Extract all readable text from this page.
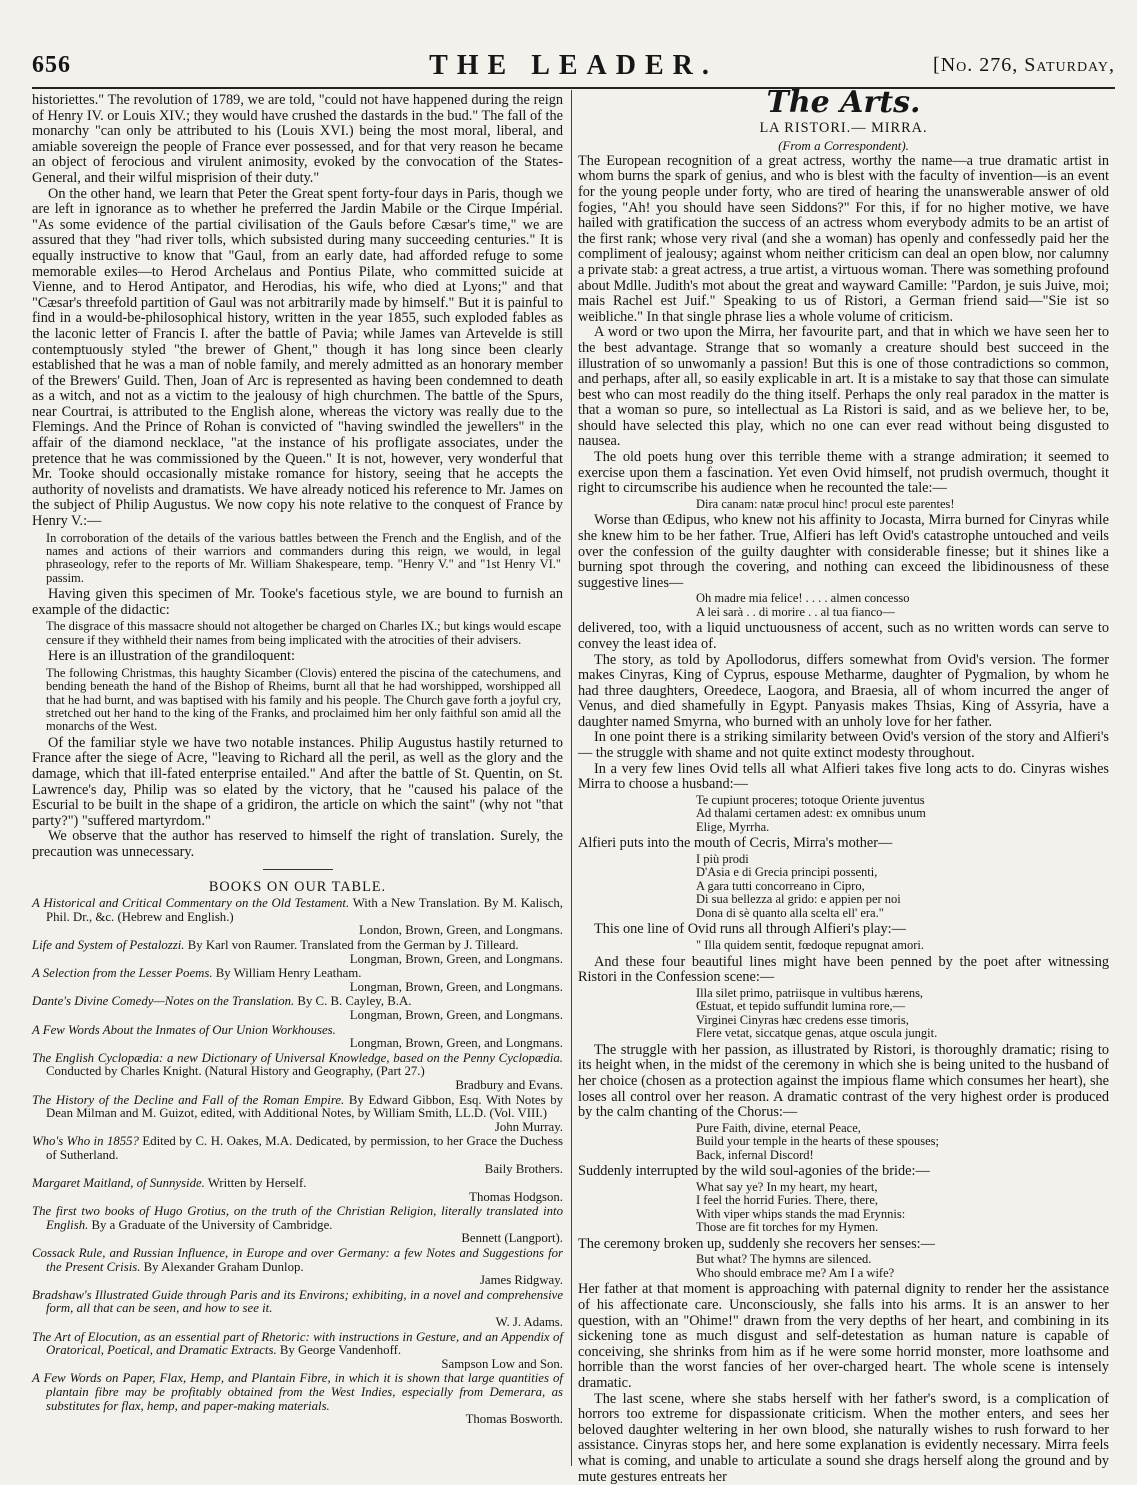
656	THE LEADER.	[No. 276, Saturday,

historiettes." The revolution of 1789, we are told, "could not have happened during the reign of Henry IV. or Louis XIV.; they would have crushed the dastards in the bud." The fall of the monarchy "can only be attributed to his (Louis XVI.) being the most moral, liberal, and amiable sovereign the people of France ever possessed, and for that very reason he became an object of ferocious and virulent animosity, evoked by the convocation of the States-General, and their wilful misprision of their duty."

On the other hand, we learn that Peter the Great spent forty-four days in Paris, though we are left in ignorance as to whether he preferred the Jardin Mabile or the Cirque Impérial. "As some evidence of the partial civilisation of the Gauls before Cæsar's time," we are assured that they "had river tolls, which subsisted during many succeeding centuries." It is equally instructive to know that "Gaul, from an early date, had afforded refuge to some memorable exiles—to Herod Archelaus and Pontius Pilate, who committed suicide at Vienne, and to Herod Antipator, and Herodias, his wife, who died at Lyons;" and that "Cæsar's threefold partition of Gaul was not arbitrarily made by himself." But it is painful to find in a would-be-philosophical history, written in the year 1855, such exploded fables as the laconic letter of Francis I. after the battle of Pavia; while James van Artevelde is still contemptuously styled "the brewer of Ghent," though it has long since been clearly established that he was a man of noble family, and merely admitted as an honorary member of the Brewers' Guild. Then, Joan of Arc is represented as having been condemned to death as a witch, and not as a victim to the jealousy of high churchmen. The battle of the Spurs, near Courtrai, is attributed to the English alone, whereas the victory was really due to the Flemings. And the Prince of Rohan is convicted of "having swindled the jewellers" in the affair of the diamond necklace, "at the instance of his profligate associates, under the pretence that he was commissioned by the Queen." It is not, however, very wonderful that Mr. Tooke should occasionally mistake romance for history, seeing that he accepts the authority of novelists and dramatists. We have already noticed his reference to Mr. James on the subject of Philip Augustus. We now copy his note relative to the conquest of France by Henry V.:—

In corroboration of the details of the various battles between the French and the English, and of the names and actions of their warriors and commanders during this reign, we would, in legal phraseology, refer to the reports of Mr. William Shakespeare, temp. "Henry V." and "1st Henry VI." passim.

Having given this specimen of Mr. Tooke's facetious style, we are bound to furnish an example of the didactic:

The disgrace of this massacre should not altogether be charged on Charles IX.; but kings would escape censure if they withheld their names from being implicated with the atrocities of their advisers.

Here is an illustration of the grandiloquent:

The following Christmas, this haughty Sicamber (Clovis) entered the piscina of the catechumens, and bending beneath the hand of the Bishop of Rheims, burnt all that he had worshipped, worshipped all that he had burnt, and was baptised with his family and his people. The Church gave forth a joyful cry, stretched out her hand to the king of the Franks, and proclaimed him her only faithful son amid all the monarchs of the West.

Of the familiar style we have two notable instances. Philip Augustus hastily returned to France after the siege of Acre, "leaving to Richard all the peril, as well as the glory and the damage, which that ill-fated enterprise entailed." And after the battle of St. Quentin, on St. Lawrence's day, Philip was so elated by the victory, that he "caused his palace of the Escurial to be built in the shape of a gridiron, the article on which the saint" (why not "that party?") "suffered martyrdom."

We observe that the author has reserved to himself the right of translation. Surely, the precaution was unnecessary.

BOOKS ON OUR TABLE.

A Historical and Critical Commentary on the Old Testament. With a New Translation. By M. Kalisch, Phil. Dr., &c. (Hebrew and English.)
London, Brown, Green, and Longmans.

Life and System of Pestalozzi. By Karl von Raumer. Translated from the German by J. Tilleard.
Longman, Brown, Green, and Longmans.

A Selection from the Lesser Poems. By William Henry Leatham.
Longman, Brown, Green, and Longmans.

Dante's Divine Comedy—Notes on the Translation. By C. B. Cayley, B.A.
Longman, Brown, Green, and Longmans.

A Few Words About the Inmates of Our Union Workhouses.
Longman, Brown, Green, and Longmans.

The English Cyclopædia: a new Dictionary of Universal Knowledge, based on the Penny Cyclopædia. Conducted by Charles Knight. (Natural History and Geography, (Part 27.)
Bradbury and Evans.

The History of the Decline and Fall of the Roman Empire. By Edward Gibbon, Esq. With Notes by Dean Milman and M. Guizot, edited, with Additional Notes, by William Smith, LL.D. (Vol. VIII.)
John Murray.

Who's Who in 1855? Edited by C. H. Oakes, M.A. Dedicated, by permission, to her Grace the Duchess of Sutherland.
Baily Brothers.

Margaret Maitland, of Sunnyside. Written by Herself.
Thomas Hodgson.

The first two books of Hugo Grotius, on the truth of the Christian Religion, literally translated into English. By a Graduate of the University of Cambridge.
Bennett (Langport).

Cossack Rule, and Russian Influence, in Europe and over Germany: a few Notes and Suggestions for the Present Crisis. By Alexander Graham Dunlop.
James Ridgway.

Bradshaw's Illustrated Guide through Paris and its Environs; exhibiting, in a novel and comprehensive form, all that can be seen, and how to see it.
W. J. Adams.

The Art of Elocution, as an essential part of Rhetoric: with instructions in Gesture, and an Appendix of Oratorical, Poetical, and Dramatic Extracts. By George Vandenhoff.
Sampson Low and Son.

A Few Words on Paper, Flax, Hemp, and Plantain Fibre, in which it is shown that large quantities of plantain fibre may be profitably obtained from the West Indies, especially from Demerara, as substitutes for flax, hemp, and paper-making materials.
Thomas Bosworth.

The Arts.
LA RISTORI.— MIRRA.
(From a Correspondent).

The European recognition of a great actress, worthy the name—a true dramatic artist in whom burns the spark of genius, and who is blest with the faculty of invention—is an event for the young people under forty, who are tired of hearing the unanswerable answer of old fogies, "Ah! you should have seen Siddons?" For this, if for no higher motive, we have hailed with gratification the success of an actress whom everybody admits to be an artist of the first rank; whose very rival (and she a woman) has openly and confessedly paid her the compliment of jealousy; against whom neither criticism can deal an open blow, nor calumny a private stab: a great actress, a true artist, a virtuous woman. There was something profound about Mdlle. Judith's mot about the great and wayward Camille: "Pardon, je suis Juive, moi; mais Rachel est Juif." Speaking to us of Ristori, a German friend said—"Sie ist so weibliche." In that single phrase lies a whole volume of criticism.

A word or two upon the Mirra, her favourite part, and that in which we have seen her to the best advantage. Strange that so womanly a creature should best succeed in the illustration of so unwomanly a passion! But this is one of those contradictions so common, and perhaps, after all, so easily explicable in art. It is a mistake to say that those can simulate best who can most readily do the thing itself. Perhaps the only real paradox in the matter is that a woman so pure, so intellectual as La Ristori is said, and as we believe her, to be, should have selected this play, which no one can ever read without being disgusted to nausea.

The old poets hung over this terrible theme with a strange admiration; it seemed to exercise upon them a fascination. Yet even Ovid himself, not prudish overmuch, thought it right to circumscribe his audience when he recounted the tale:—

Dira canam: natæ procul hinc! procul este parentes!

Worse than Œdipus, who knew not his affinity to Jocasta, Mirra burned for Cinyras while she knew him to be her father. True, Alfieri has left Ovid's catastrophe untouched and veils over the confession of the guilty daughter with considerable finesse; but it shines like a burning spot through the covering, and nothing can exceed the libidinousness of these suggestive lines—

Oh madre mia felice! . . . . almen concesso
A lei sarà . . di morire . . al tua fianco—

delivered, too, with a liquid unctuousness of accent, such as no written words can serve to convey the least idea of.

The story, as told by Apollodorus, differs somewhat from Ovid's version. The former makes Cinyras, King of Cyprus, espouse Metharme, daughter of Pygmalion, by whom he had three daughters, Oreedece, Laogora, and Braesia, all of whom incurred the anger of Venus, and died shamefully in Egypt. Panyasis makes Thsias, King of Assyria, have a daughter named Smyrna, who burned with an unholy love for her father.

In one point there is a striking similarity between Ovid's version of the story and Alfieri's — the struggle with shame and not quite extinct modesty throughout.

In a very few lines Ovid tells all what Alfieri takes five long acts to do. Cinyras wishes Mirra to choose a husband:—

Te cupiunt proceres; totoque Oriente juventus
Ad thalami certamen adest: ex omnibus unum
Elige, Myrrha.

Alfieri puts into the mouth of Cecris, Mirra's mother—

I più prodi
D'Asia e di Grecia principi possenti,
A gara tutti concorreano in Cipro,
Di sua bellezza al grido: e appien per noi
Dona di sè quanto alla scelta ell' era."

This one line of Ovid runs all through Alfieri's play:—

" Illa quidem sentit, fœdoque repugnat amori.

And these four beautiful lines might have been penned by the poet after witnessing Ristori in the Confession scene:—

Illa silet primo, patriisque in vultibus hærens,
Œstuat, et tepido suffundit lumina rore,—
Virginei Cinyras hæc credens esse timoris,
Flere vetat, siccatque genas, atque oscula jungit.

The struggle with her passion, as illustrated by Ristori, is thoroughly dramatic; rising to its height when, in the midst of the ceremony in which she is being united to the husband of her choice (chosen as a protection against the impious flame which consumes her heart), she loses all control over her reason. A dramatic contrast of the very highest order is produced by the calm chanting of the Chorus:—

Pure Faith, divine, eternal Peace,
Build your temple in the hearts of these spouses;
Back, infernal Discord!

Suddenly interrupted by the wild soul-agonies of the bride:—

What say ye? In my heart, my heart,
I feel the horrid Furies. There, there,
With viper whips stands the mad Erynnis:
Those are fit torches for my Hymen.

The ceremony broken up, suddenly she recovers her senses:—

But what? The hymns are silenced.
Who should embrace me? Am I a wife?

Her father at that moment is approaching with paternal dignity to render her the assistance of his affectionate care. Unconsciously, she falls into his arms. It is an answer to her question, with an "Ohime!" drawn from the very depths of her heart, and combining in its sickening tone as much disgust and self-detestation as human nature is capable of conceiving, she shrinks from him as if he were some horrid monster, more loathsome and horrible than the worst fancies of her over-charged heart. The whole scene is intensely dramatic.

The last scene, where she stabs herself with her father's sword, is a complication of horrors too extreme for dispassionate criticism. When the mother enters, and sees her beloved daughter weltering in her own blood, she naturally wishes to rush forward to her assistance. Cinyras stops her, and here some explanation is evidently necessary. Mirra feels what is coming, and unable to articulate a sound she drags herself along the ground and by mute gestures entreats her
